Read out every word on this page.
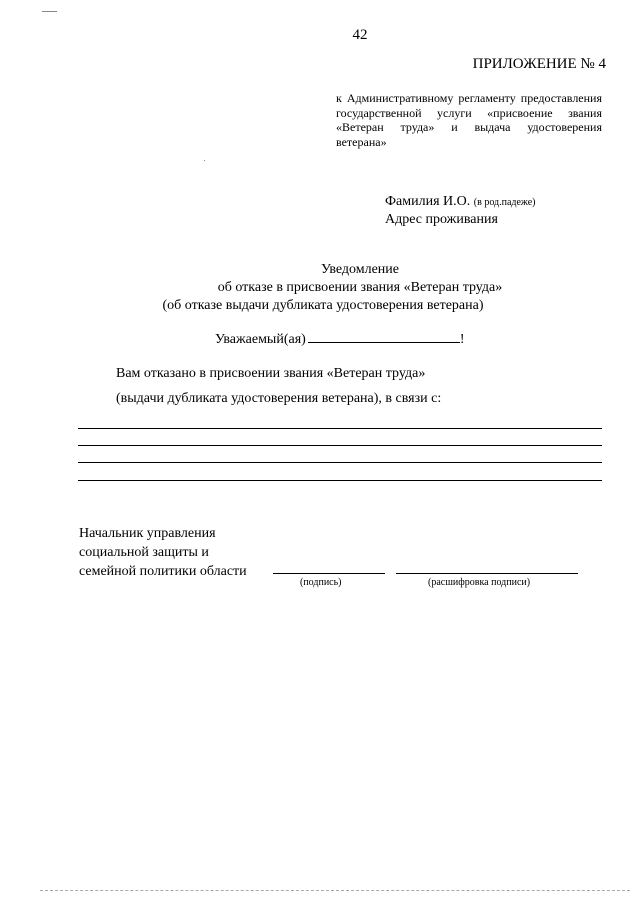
42
ПРИЛОЖЕНИЕ № 4
к Административному регламенту предоставления
государственной услуги «присвоение звания
«Ветеран труда» и выдача удостоверения
ветерана»
Фамилия И.О. (в род.падеже)
Адрес проживания
Уведомление
об отказе в присвоении звания «Ветеран труда»
(об отказе выдачи дубликата удостоверения ветерана)
Уважаемый(ая)	!
Вам отказано в присвоении звания «Ветеран труда»
(выдачи дубликата удостоверения ветерана), в связи с:
Начальник управления
социальной защиты и
семейной политики области
(подпись)	(расшифровка подписи)
